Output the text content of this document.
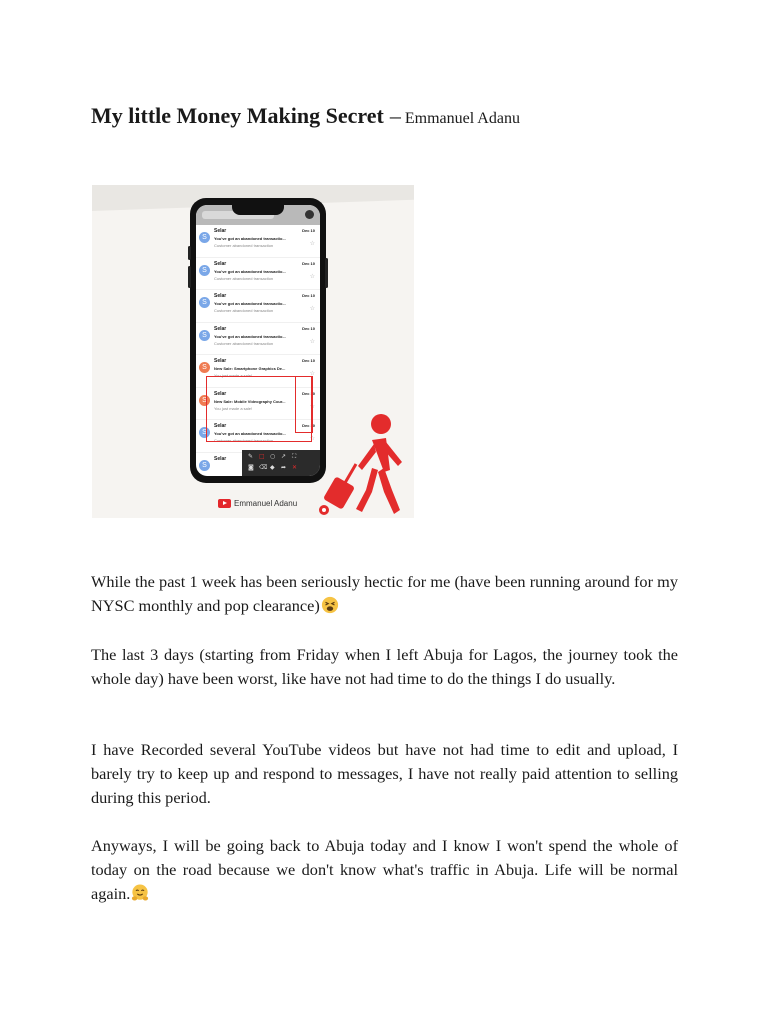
My little Money Making Secret – Emmanuel Adanu
S
Selar
You've got an abandoned transactio...
Customer abandoned transaction
Dec 10
☆
S
Selar
You've got an abandoned transactio...
Customer abandoned transaction
Dec 10
☆
S
Selar
You've got an abandoned transactio...
Customer abandoned transaction
Dec 10
☆
S
Selar
You've got an abandoned transactio...
Customer abandoned transaction
Dec 10
☆
S
Selar
New Sale: Smartphone Graphics De...
You just made a sale!
Dec 10
☆
S
Selar
New Sale: Mobile Videography Cour...
You just made a sale!
Dec 10
☆
S
Selar
You've got an abandoned transactio...
Customer abandoned transaction
Dec 10
☆
S
Selar	✎ □ ○ ↗ ⛶
◙ ⌫ ◆ ➦ ✕
Emmanuel Adanu

While the past 1 week has been seriously hectic for me (have been running around for my NYSC monthly and pop clearance)

The last 3 days (starting from Friday when I left Abuja for Lagos, the journey took the whole day) have been worst, like have not had time to do the things I do usually.

I have Recorded several YouTube videos but have not had time to edit and upload, I barely try to keep up and respond to messages, I have not really paid attention to selling during this period.

Anyways, I will be going back to Abuja today and I know I won't spend the whole of today on the road because we don't know what's traffic in Abuja. Life will be normal again.
